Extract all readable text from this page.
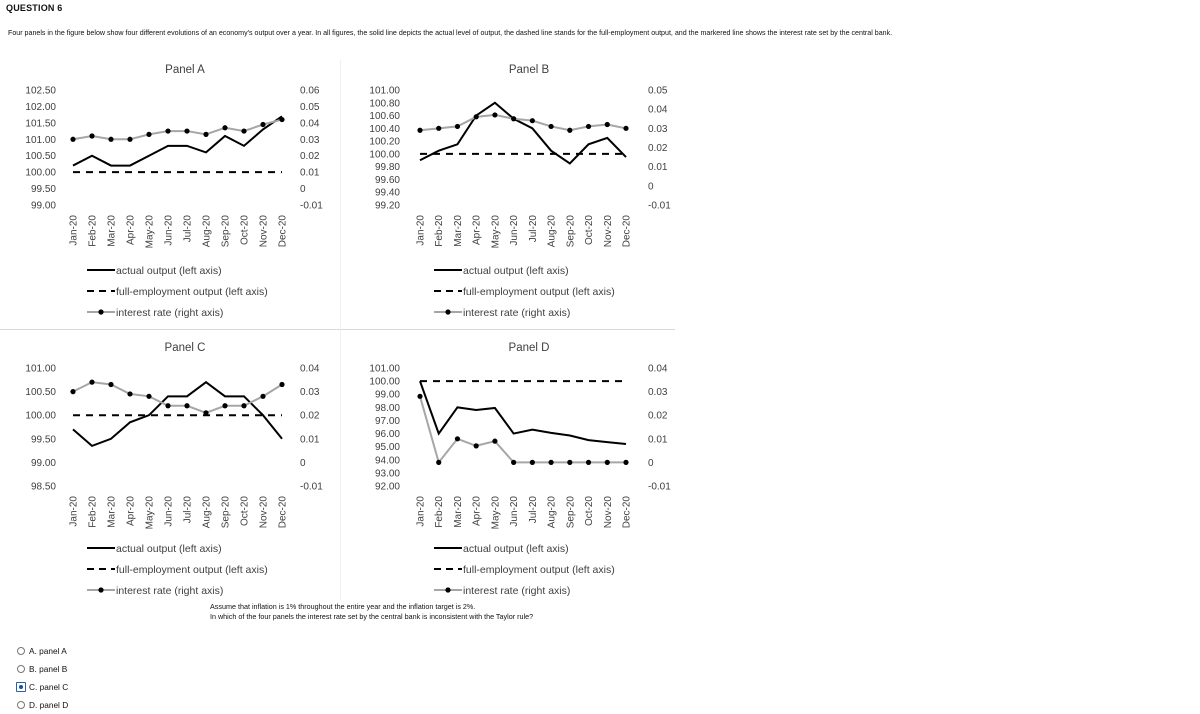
QUESTION 6
Four panels in the figure below show four different evolutions of an economy's output over a year. In all figures, the solid line depicts the actual level of output, the dashed line stands for the full-employment output, and the markered line shows the interest rate set by the central bank.
Panel A
102.50
102.00
101.50
101.00
100.50
100.00
99.50
99.00
0.06
0.05
0.04
0.03
0.02
0.01
0
-0.01
Jan-20 Feb-20 Mar-20 Apr-20 May-20 Jun-20 Jul-20 Aug-20 Sep-20 Oct-20 Nov-20 Dec-20
actual output (left axis)
full-employment output (left axis)
interest rate (right axis)
Panel B
101.00
100.80
100.60
100.40
100.20
100.00
99.80
99.60
99.40
99.20
0.05
0.04
0.03
0.02
0.01
0
-0.01
Jan-20 Feb-20 Mar-20 Apr-20 May-20 Jun-20 Jul-20 Aug-20 Sep-20 Oct-20 Nov-20 Dec-20
actual output (left axis)
full-employment output (left axis)
interest rate (right axis)
Panel C
101.00
100.50
100.00
99.50
99.00
98.50
0.04
0.03
0.02
0.01
0
-0.01
Jan-20 Feb-20 Mar-20 Apr-20 May-20 Jun-20 Jul-20 Aug-20 Sep-20 Oct-20 Nov-20 Dec-20
actual output (left axis)
full-employment output (left axis)
interest rate (right axis)
Panel D
101.00
100.00
99.00
98.00
97.00
96.00
95.00
94.00
93.00
92.00
0.04
0.03
0.02
0.01
0
-0.01
Jan-20 Feb-20 Mar-20 Apr-20 May-20 Jun-20 Jul-20 Aug-20 Sep-20 Oct-20 Nov-20 Dec-20
actual output (left axis)
full-employment output (left axis)
interest rate (right axis)
Assume that inflation is 1% throughout the entire year and the inflation target is 2%.
In which of the four panels the interest rate set by the central bank is inconsistent with the Taylor rule?
A. panel A
B. panel B
C. panel C
D. panel D
